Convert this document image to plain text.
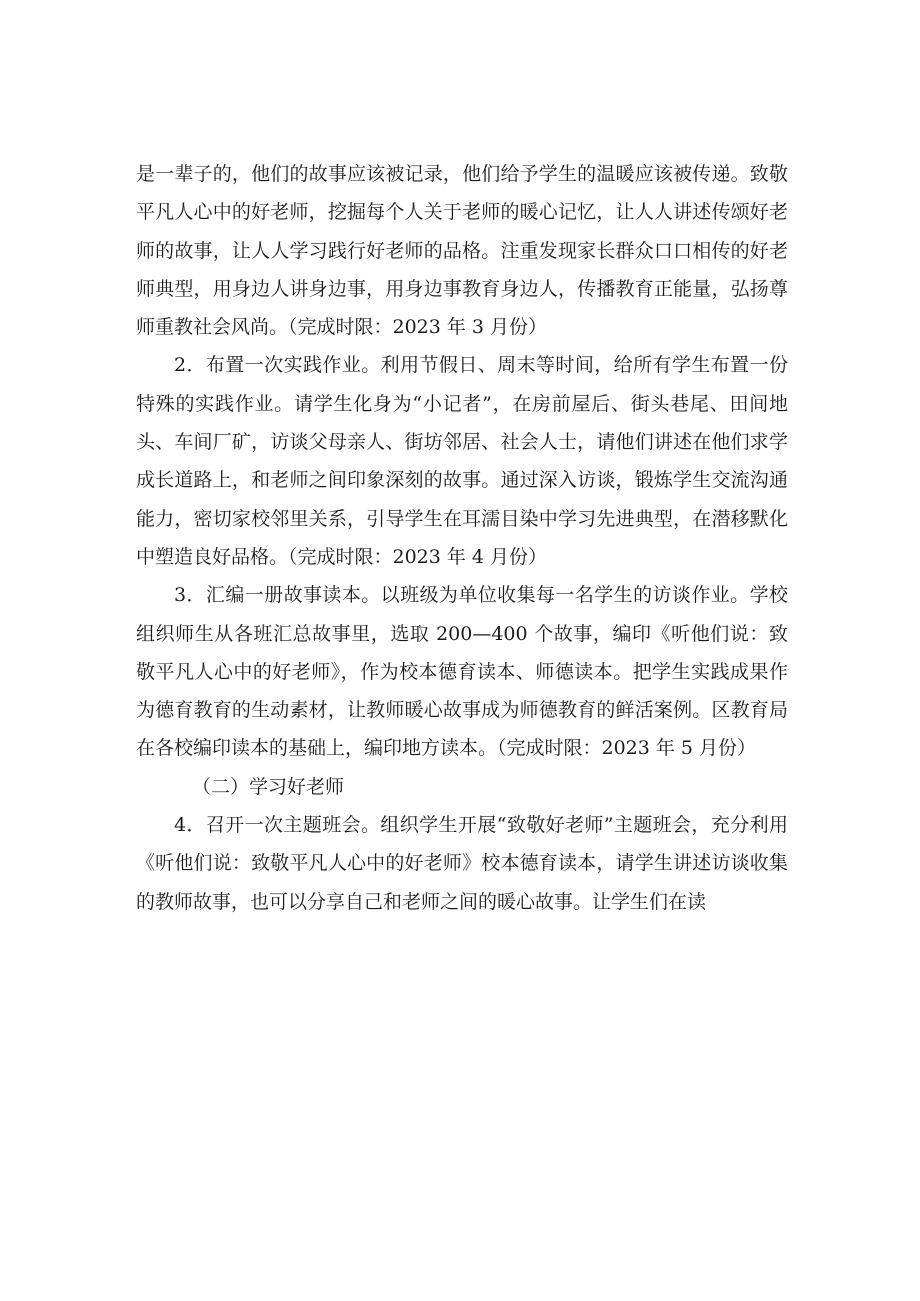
是一辈子的，他们的故事应该被记录，他们给予学生的温暖应该被传递。致敬平凡人心中的好老师，挖掘每个人关于老师的暖心记忆，让人人讲述传颂好老师的故事，让人人学习践行好老师的品格。注重发现家长群众口口相传的好老师典型，用身边人讲身边事，用身边事教育身边人，传播教育正能量，弘扬尊师重教社会风尚。（完成时限：2023 年 3 月份）

2．布置一次实践作业。利用节假日、周末等时间，给所有学生布置一份特殊的实践作业。请学生化身为“小记者”，在房前屋后、街头巷尾、田间地头、车间厂矿，访谈父母亲人、街坊邻居、社会人士，请他们讲述在他们求学成长道路上，和老师之间印象深刻的故事。通过深入访谈，锻炼学生交流沟通能力，密切家校邻里关系，引导学生在耳濡目染中学习先进典型，在潜移默化中塑造良好品格。（完成时限：2023 年 4 月份）

3．汇编一册故事读本。以班级为单位收集每一名学生的访谈作业。学校组织师生从各班汇总故事里，选取 200—400 个故事，编印《听他们说：致敬平凡人心中的好老师》，作为校本德育读本、师德读本。把学生实践成果作为德育教育的生动素材，让教师暖心故事成为师德教育的鲜活案例。区教育局在各校编印读本的基础上，编印地方读本。（完成时限：2023 年 5 月份）

（二）学习好老师

4．召开一次主题班会。组织学生开展“致敬好老师”主题班会，充分利用《听他们说：致敬平凡人心中的好老师》校本德育读本，请学生讲述访谈收集的教师故事，也可以分享自己和老师之间的暖心故事。让学生们在读
